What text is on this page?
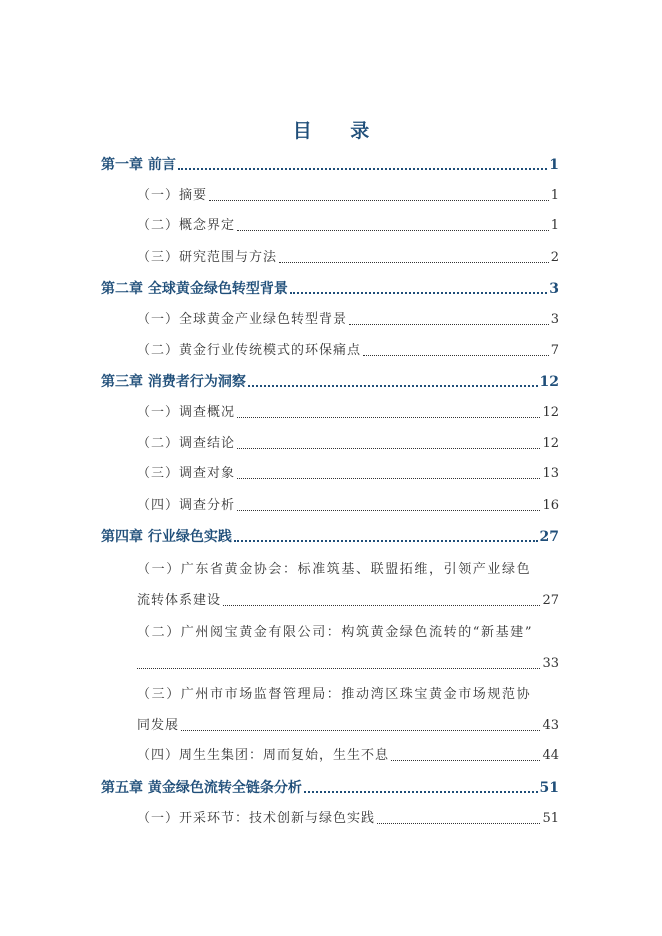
目 录
第一章 前言	1
（一）摘要	1
（二）概念界定	1
（三）研究范围与方法	2
第二章 全球黄金绿色转型背景	3
（一）全球黄金产业绿色转型背景	3
（二）黄金行业传统模式的环保痛点	7
第三章 消费者行为洞察	12
（一）调查概况	12
（二）调查结论	12
（三）调查对象	13
（四）调查分析	16
第四章 行业绿色实践	27
（一）广东省黄金协会：标准筑基、联盟拓维，引领产业绿色
流转体系建设	27
（二）广州阅宝黄金有限公司：构筑黄金绿色流转的“新基建”
33
（三）广州市市场监督管理局：推动湾区珠宝黄金市场规范协
同发展	43
（四）周生生集团：周而复始，生生不息	44
第五章 黄金绿色流转全链条分析	51
（一）开采环节：技术创新与绿色实践	51
